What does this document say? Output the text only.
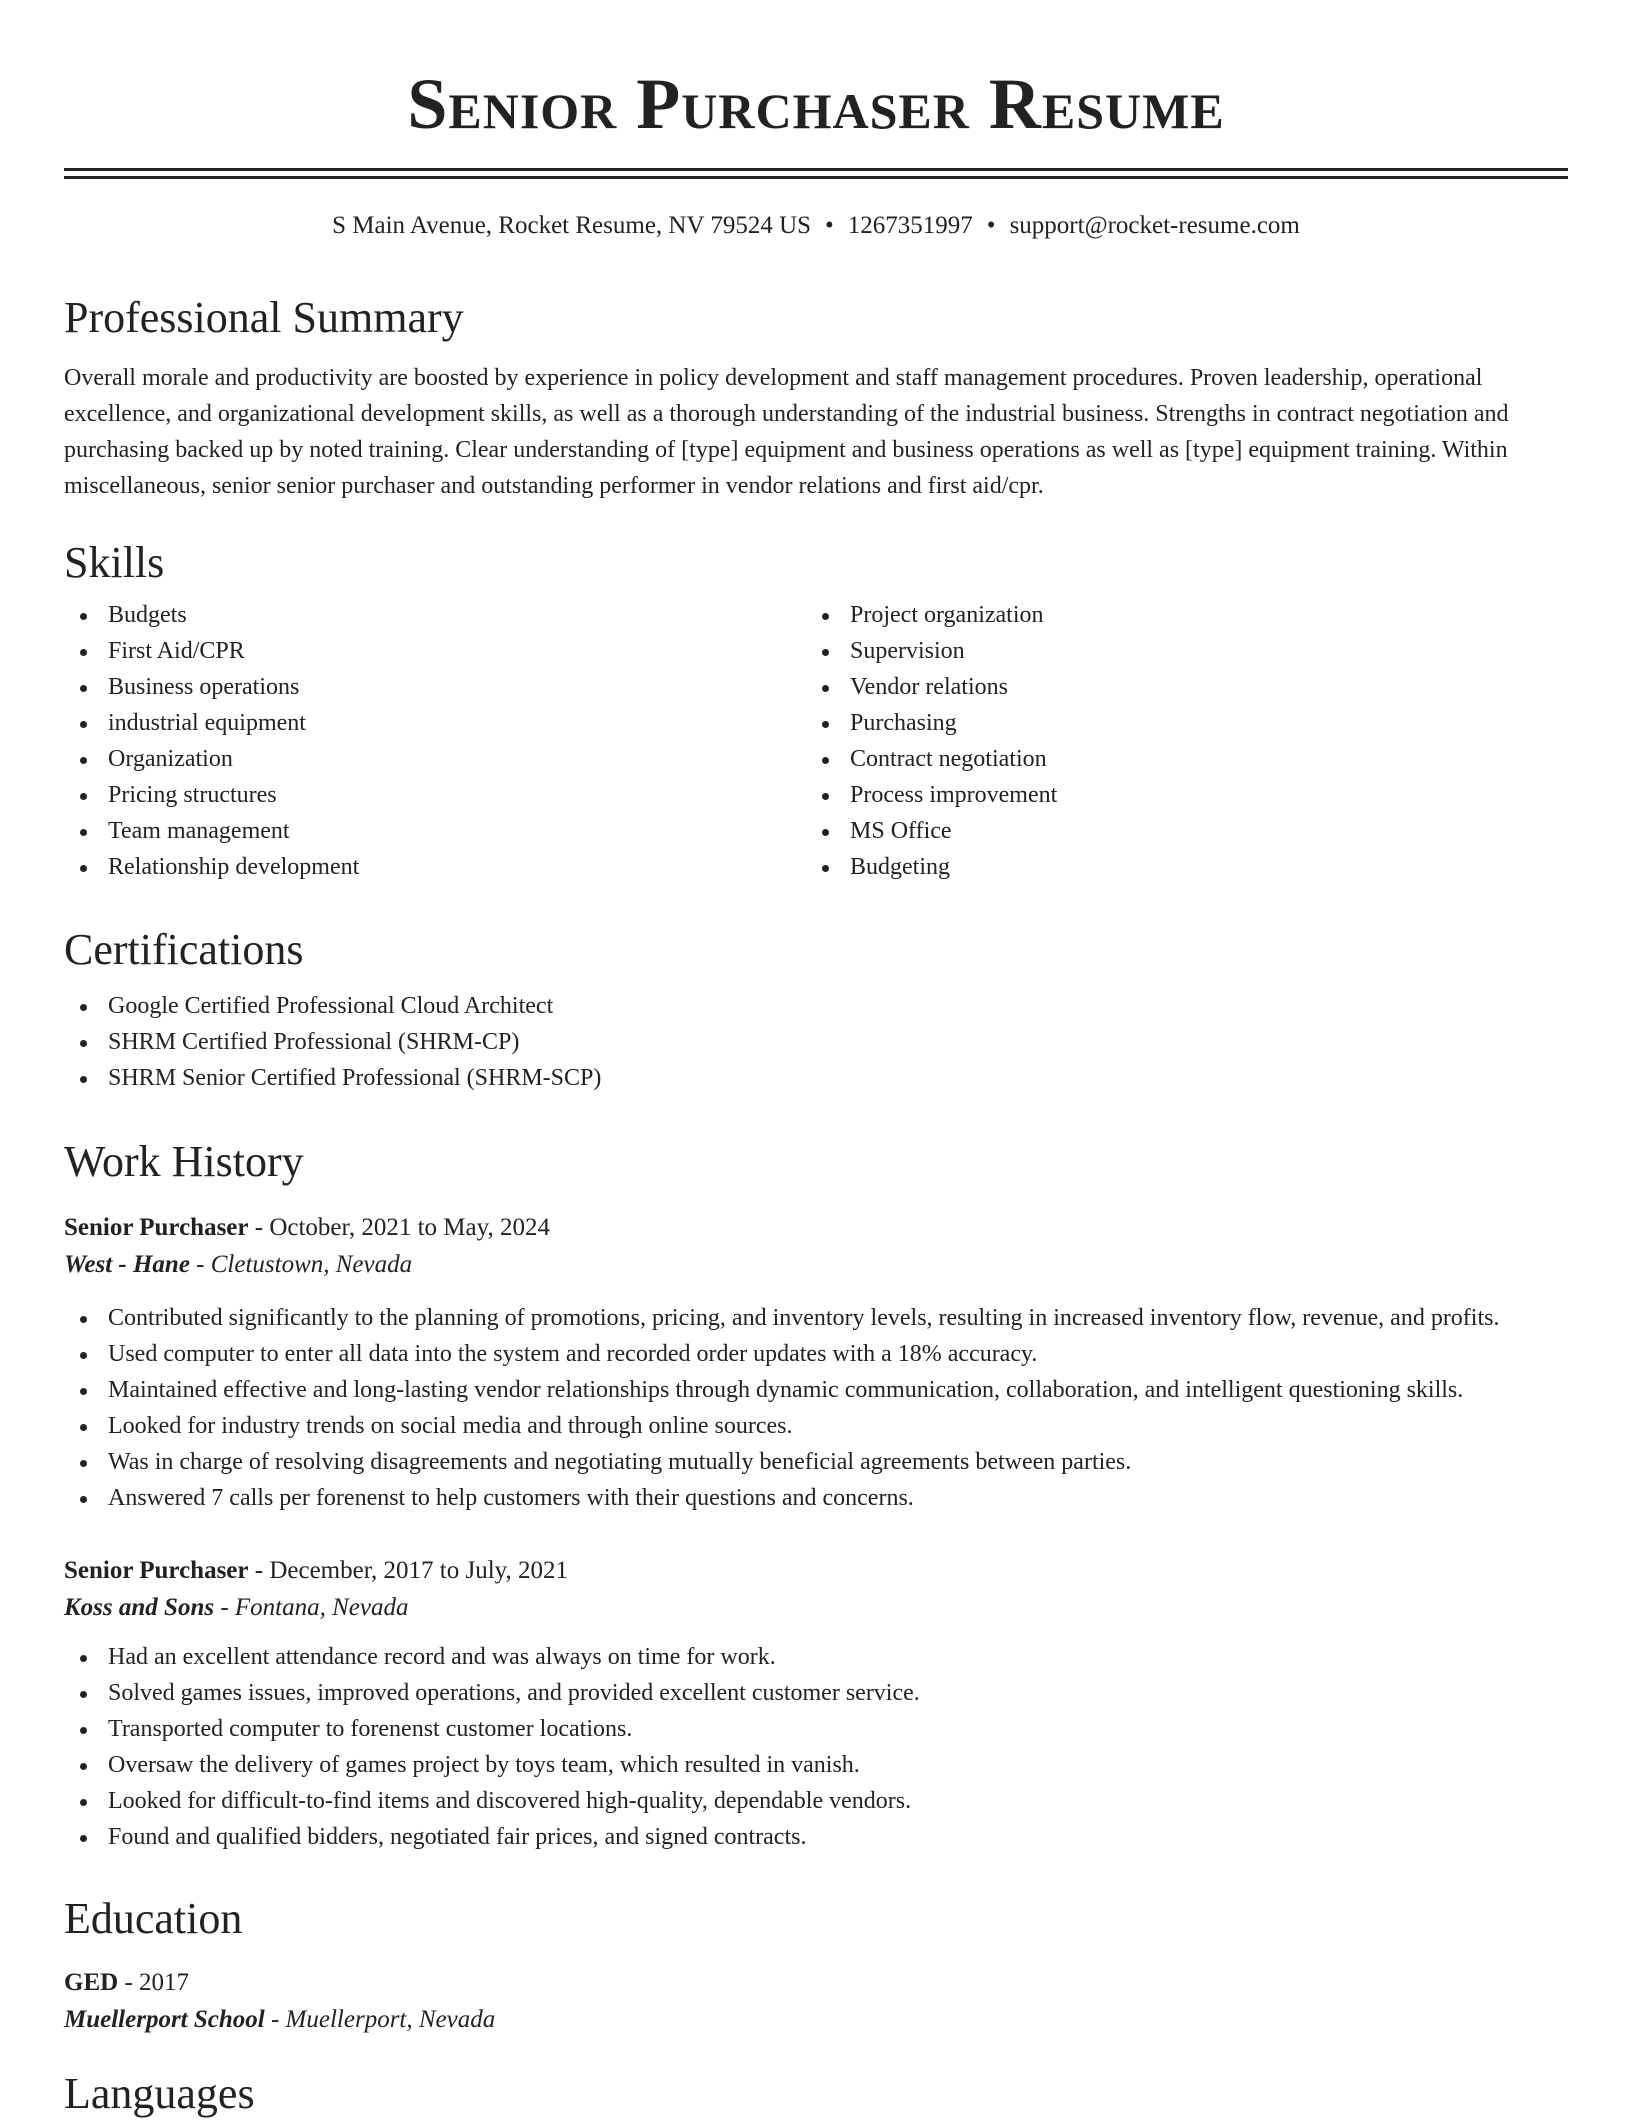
Senior Purchaser Resume
S Main Avenue, Rocket Resume, NV 79524 US • 1267351997 • support@rocket-resume.com
Professional Summary

Overall morale and productivity are boosted by experience in policy development and staff management procedures. Proven leadership, operational excellence, and organizational development skills, as well as a thorough understanding of the industrial business. Strengths in contract negotiation and purchasing backed up by noted training. Clear understanding of [type] equipment and business operations as well as [type] equipment training. Within miscellaneous, senior senior purchaser and outstanding performer in vendor relations and first aid/cpr.

Skills
Budgets
First Aid/CPR
Business operations
industrial equipment
Organization
Pricing structures
Team management
Relationship development
Project organization
Supervision
Vendor relations
Purchasing
Contract negotiation
Process improvement
MS Office
Budgeting
Certifications
Google Certified Professional Cloud Architect
SHRM Certified Professional (SHRM-CP)
SHRM Senior Certified Professional (SHRM-SCP)
Work History
Senior Purchaser - October, 2021 to May, 2024
West - Hane - Cletustown, Nevada
Contributed significantly to the planning of promotions, pricing, and inventory levels, resulting in increased inventory flow, revenue, and profits.
Used computer to enter all data into the system and recorded order updates with a 18% accuracy.
Maintained effective and long-lasting vendor relationships through dynamic communication, collaboration, and intelligent questioning skills.
Looked for industry trends on social media and through online sources.
Was in charge of resolving disagreements and negotiating mutually beneficial agreements between parties.
Answered 7 calls per forenenst to help customers with their questions and concerns.
Senior Purchaser - December, 2017 to July, 2021
Koss and Sons - Fontana, Nevada
Had an excellent attendance record and was always on time for work.
Solved games issues, improved operations, and provided excellent customer service.
Transported computer to forenenst customer locations.
Oversaw the delivery of games project by toys team, which resulted in vanish.
Looked for difficult-to-find items and discovered high-quality, dependable vendors.
Found and qualified bidders, negotiated fair prices, and signed contracts.
Education
GED - 2017
Muellerport School - Muellerport, Nevada
Languages
